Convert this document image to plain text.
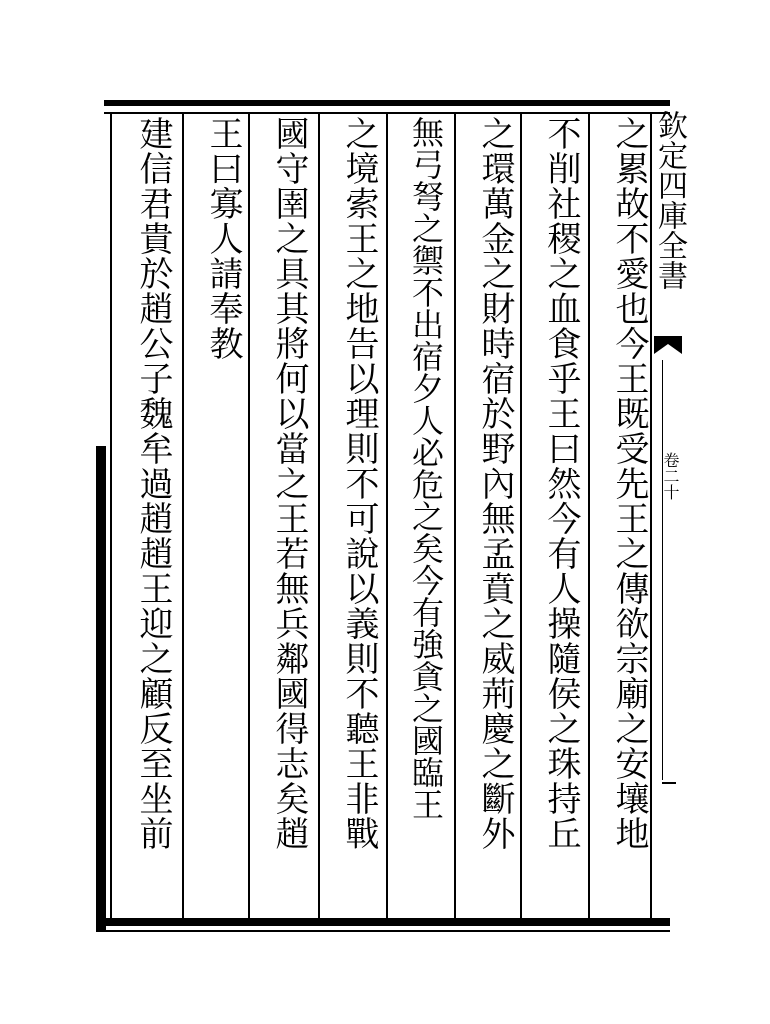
之累故不愛也今王既受先王之傳欲宗廟之安壤地
不削社稷之血食乎王曰然今有人操隨侯之珠持丘
之環萬金之財時宿於野內無孟賁之威荊慶之斷外
無弓弩之禦不出宿夕人必危之矣今有強貪之國臨王
之境索王之地告以理則不可說以義則不聽王非戰
國守圉之具其將何以當之王若無兵鄰國得志矣趙
王曰寡人請奉教
建信君貴於趙公子魏牟過趙趙王迎之顧反至坐前	欽定四庫全書
卷二十
